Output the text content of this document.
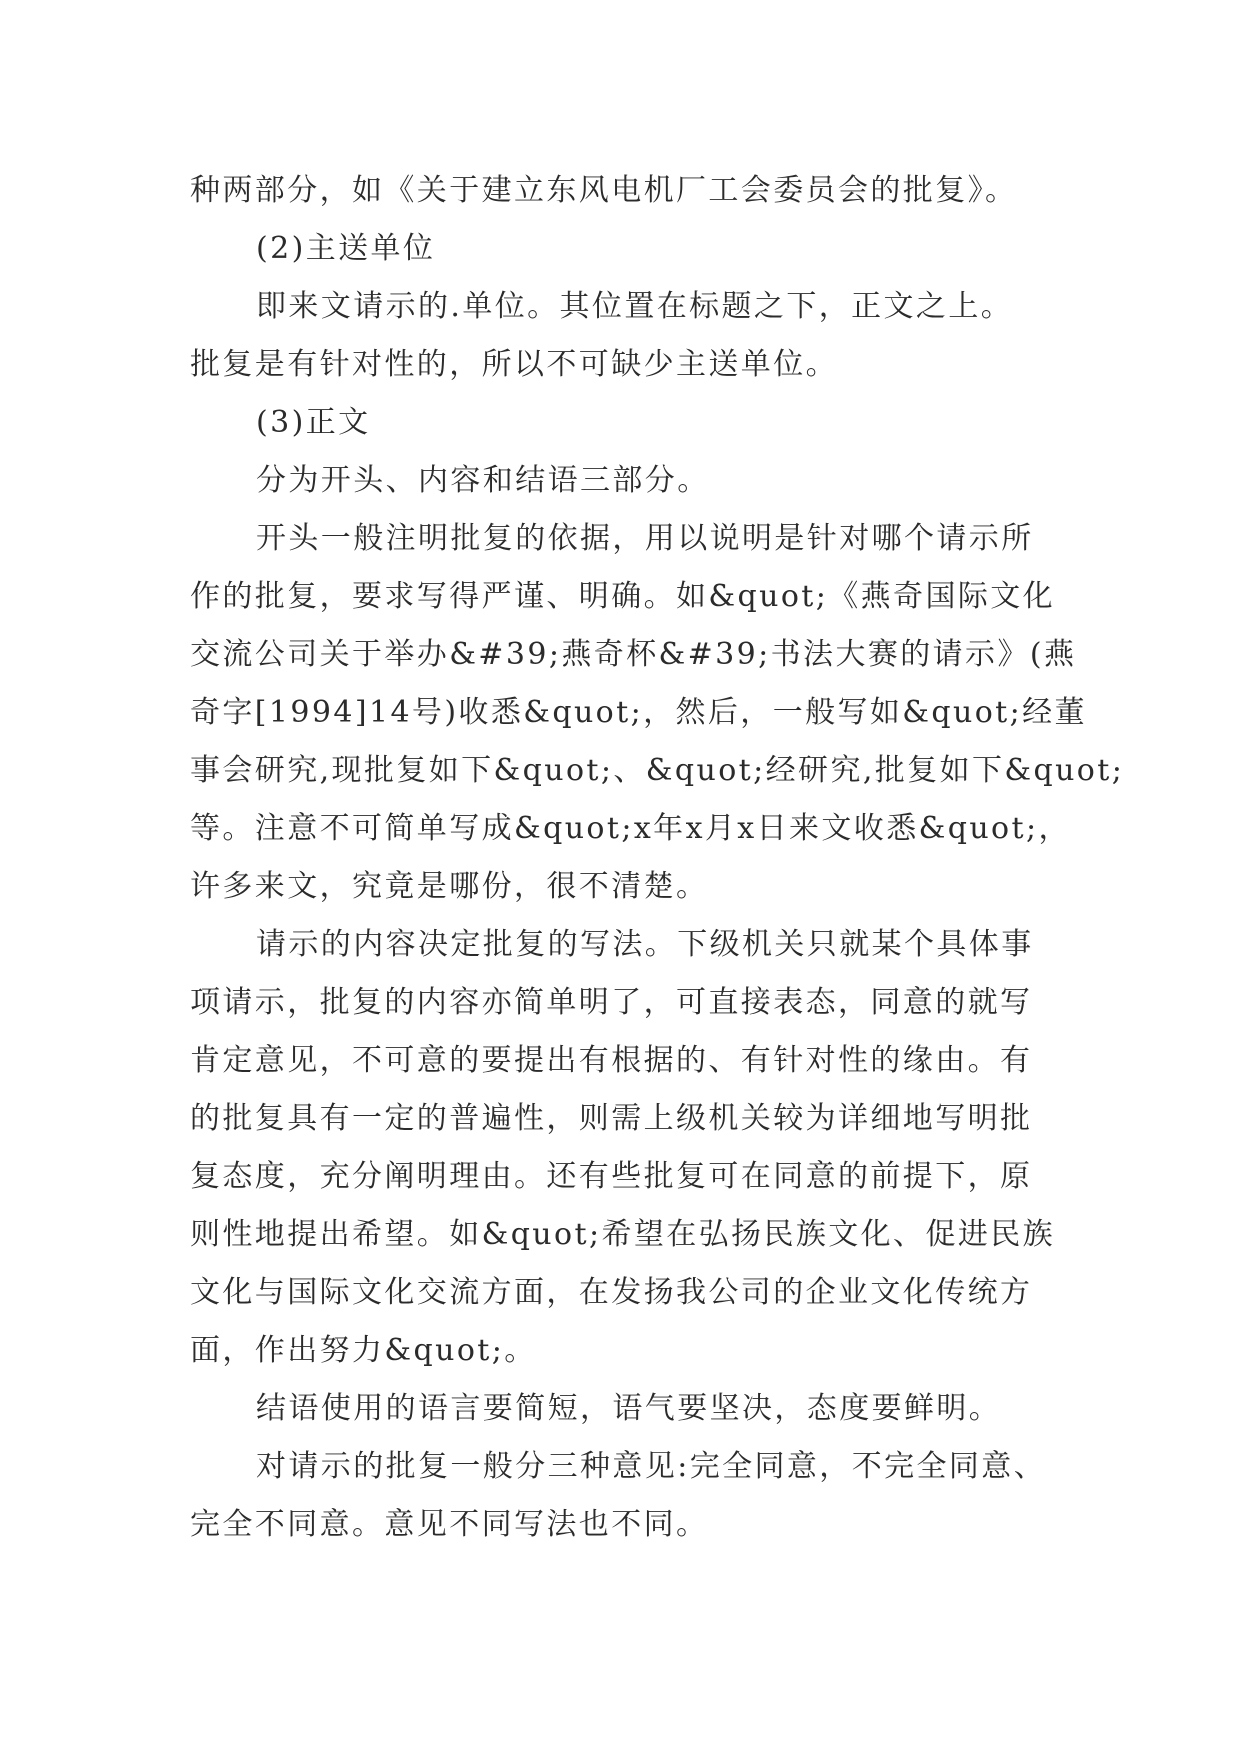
种两部分，如《关于建立东风电机厂工会委员会的批复》。
(2)主送单位
即来文请示的.单位。其位置在标题之下，正文之上。
批复是有针对性的，所以不可缺少主送单位。
(3)正文
分为开头、内容和结语三部分。
开头一般注明批复的依据，用以说明是针对哪个请示所
作的批复，要求写得严谨、明确。如&quot;《燕奇国际文化
交流公司关于举办&#39;燕奇杯&#39;书法大赛的请示》(燕
奇字[1994]14号)收悉&quot;，然后，一般写如&quot;经董
事会研究,现批复如下&quot;、&quot;经研究,批复如下&quot;
等。注意不可简单写成&quot;x年x月x日来文收悉&quot;，
许多来文，究竟是哪份，很不清楚。
请示的内容决定批复的写法。下级机关只就某个具体事
项请示，批复的内容亦简单明了，可直接表态，同意的就写
肯定意见，不可意的要提出有根据的、有针对性的缘由。有
的批复具有一定的普遍性，则需上级机关较为详细地写明批
复态度，充分阐明理由。还有些批复可在同意的前提下，原
则性地提出希望。如&quot;希望在弘扬民族文化、促进民族
文化与国际文化交流方面，在发扬我公司的企业文化传统方
面，作出努力&quot;。
结语使用的语言要简短，语气要坚决，态度要鲜明。
对请示的批复一般分三种意见:完全同意，不完全同意、
完全不同意。意见不同写法也不同。
